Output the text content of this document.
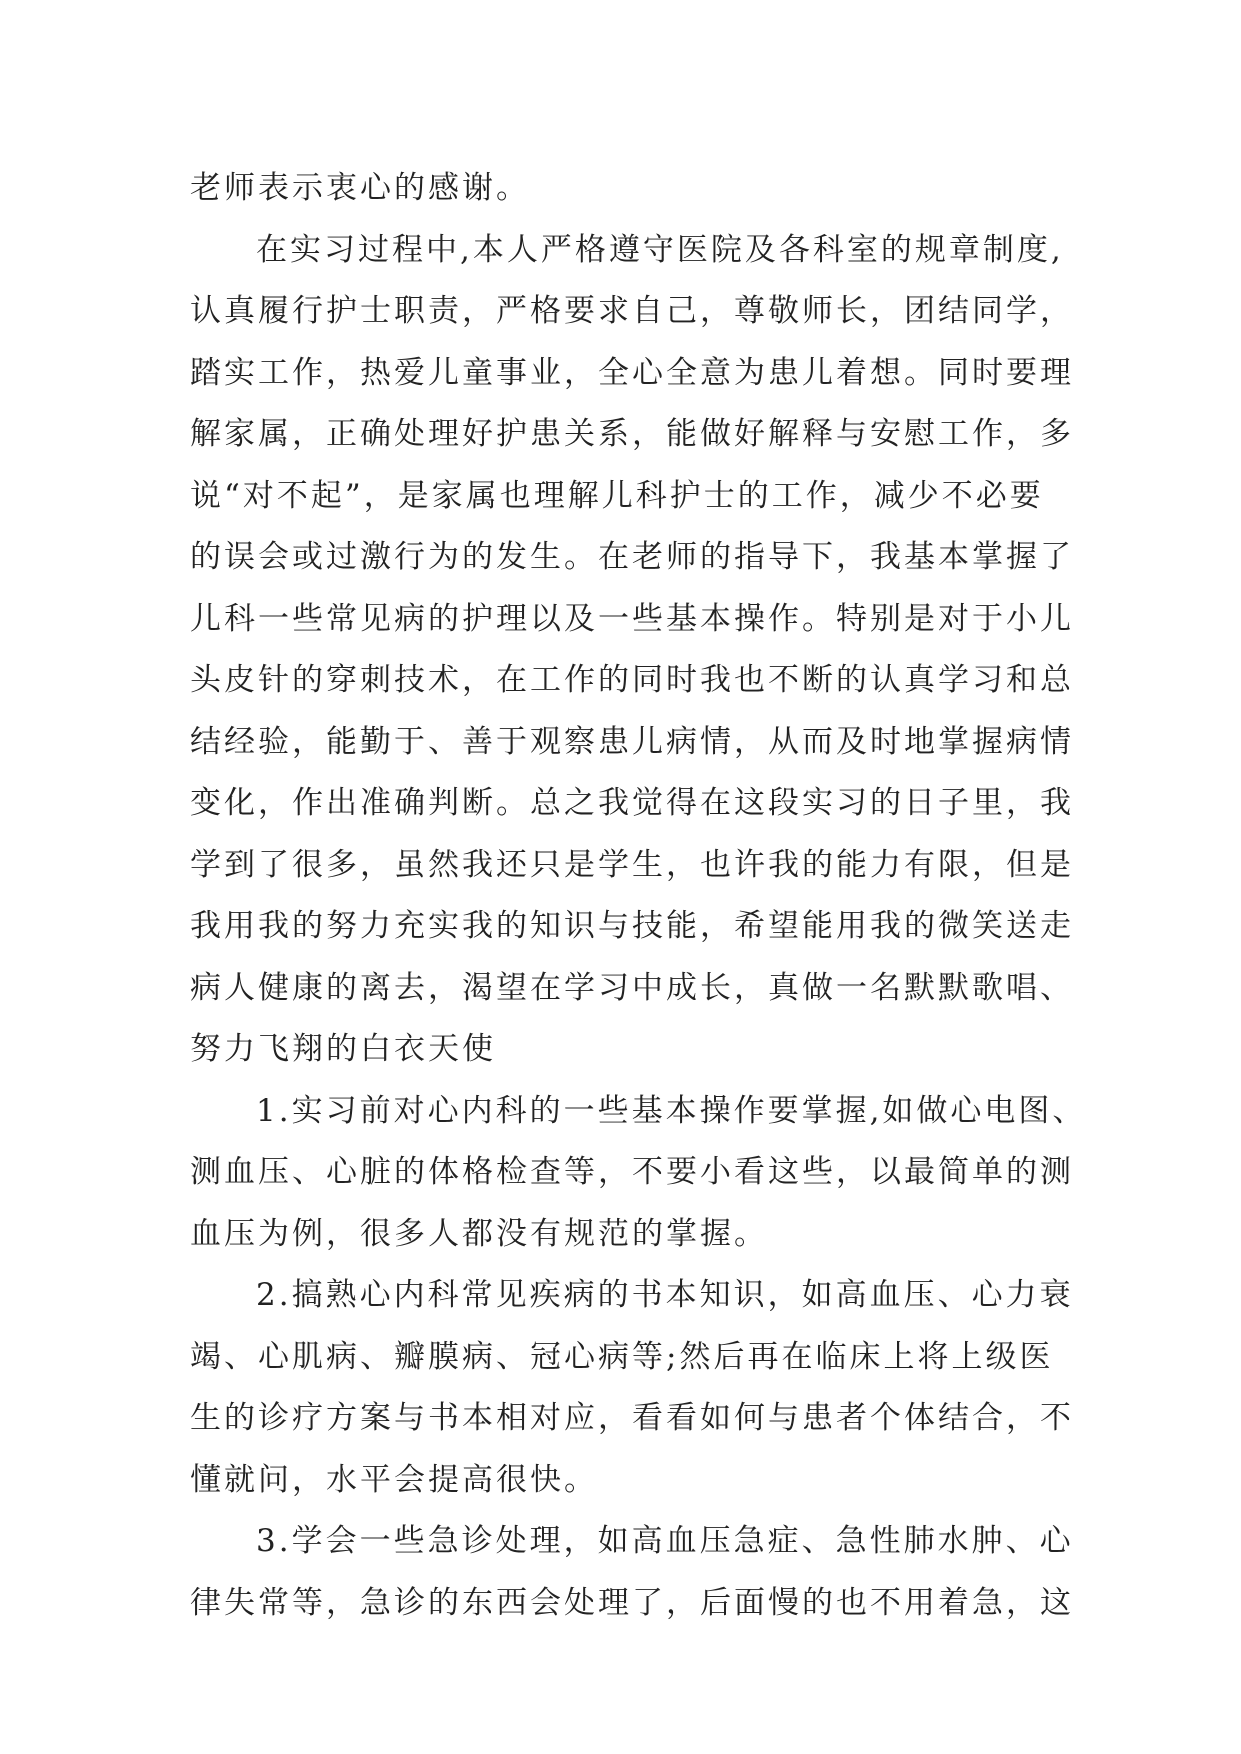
老师表示衷心的感谢。
在实习过程中,本人严格遵守医院及各科室的规章制度,
认真履行护士职责，严格要求自己，尊敬师长，团结同学，
踏实工作，热爱儿童事业，全心全意为患儿着想。同时要理
解家属，正确处理好护患关系，能做好解释与安慰工作，多
说“对不起”，是家属也理解儿科护士的工作，减少不必要
的误会或过激行为的发生。在老师的指导下，我基本掌握了
儿科一些常见病的护理以及一些基本操作。特别是对于小儿
头皮针的穿刺技术，在工作的同时我也不断的认真学习和总
结经验，能勤于、善于观察患儿病情，从而及时地掌握病情
变化，作出准确判断。总之我觉得在这段实习的日子里，我
学到了很多，虽然我还只是学生，也许我的能力有限，但是
我用我的努力充实我的知识与技能，希望能用我的微笑送走
病人健康的离去，渴望在学习中成长，真做一名默默歌唱、
努力飞翔的白衣天使
1.实习前对心内科的一些基本操作要掌握,如做心电图、
测血压、心脏的体格检查等，不要小看这些，以最简单的测
血压为例，很多人都没有规范的掌握。
2.搞熟心内科常见疾病的书本知识，如高血压、心力衰
竭、心肌病、瓣膜病、冠心病等;然后再在临床上将上级医
生的诊疗方案与书本相对应，看看如何与患者个体结合，不
懂就问，水平会提高很快。
3.学会一些急诊处理，如高血压急症、急性肺水肿、心
律失常等，急诊的东西会处理了，后面慢的也不用着急，这
